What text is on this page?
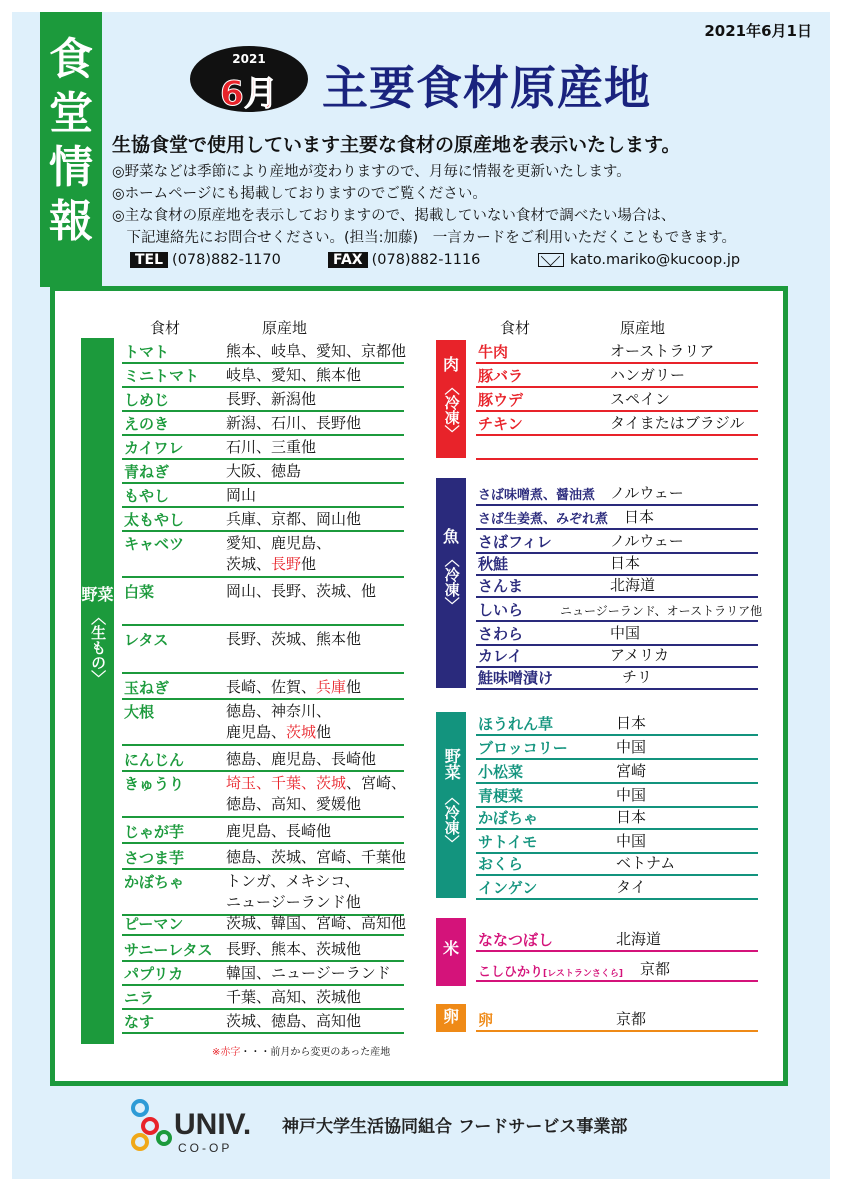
食
堂
情
報
2021年6月1日
2021
6月 主要食材原産地
生協食堂で使用しています主要な食材の原産地を表示いたします。
◎野菜などは季節により産地が変わりますので、月毎に情報を更新いたします。
◎ホームページにも掲載しておりますのでご覧ください。
◎主な食材の原産地を表示しておりますので、掲載していない食材で調べたい場合は、
　下記連絡先にお問合せください。(担当:加藤)　一言カードをご利用いただくこともできます。
TEL (078)882-1170	FAX (078)882-1116	kato.mariko@kucoop.jp
食材	原産地
野菜
〈生もの〉
トマト	熊本、岐阜、愛知、京都他
ミニトマト 岐阜、愛知、熊本他
しめじ	長野、新潟他
えのき	新潟、石川、長野他
カイワレ	石川、三重他
青ねぎ	大阪、徳島
もやし	岡山
太もやし	兵庫、京都、岡山他
キャベツ	愛知、鹿児島、
茨城、長野他
白菜	岡山、長野、茨城、他
レタス	長野、茨城、熊本他
玉ねぎ	長崎、佐賀、兵庫他
大根	徳島、神奈川、
鹿児島、茨城他
にんじん	徳島、鹿児島、長崎他
きゅうり	埼玉、千葉、茨城、宮崎、
徳島、高知、愛媛他
じゃが芋	鹿児島、長崎他
さつま芋	徳島、茨城、宮崎、千葉他
かぼちゃ	トンガ、メキシコ、
ニュージーランド他
ピーマン	茨城、韓国、宮崎、高知他
サニーレタス 長野、熊本、茨城他
パプリカ	韓国、ニュージーランド
ニラ	千葉、高知、茨城他
なす	茨城、徳島、高知他
※赤字・・・前月から変更のあった産地
食材	原産地
肉
〈冷凍〉
牛肉	オーストラリア
豚バラ	ハンガリー
豚ウデ	スペイン
チキン	タイまたはブラジル
魚
〈冷凍〉
さば味噌煮、醤油煮 ノルウェー
さば生姜煮、みぞれ煮 日本
さばフィレ	ノルウェー
秋鮭	日本
さんま	北海道
しいら	ニュージーランド、オーストラリア他
さわら	中国
カレイ	アメリカ
鮭味噌漬け	チリ
野菜 〈冷凍〉
ほうれん草	日本
ブロッコリー	中国
小松菜	宮崎
青梗菜	中国
かぼちゃ	日本
サトイモ	中国
おくら	ベトナム
インゲン	タイ
米	ななつぼし	北海道
こしひかり[レストランさくら] 京都
卵	卵	京都
UNIV.
CO-OP
神戸大学生活協同組合 フードサービス事業部
